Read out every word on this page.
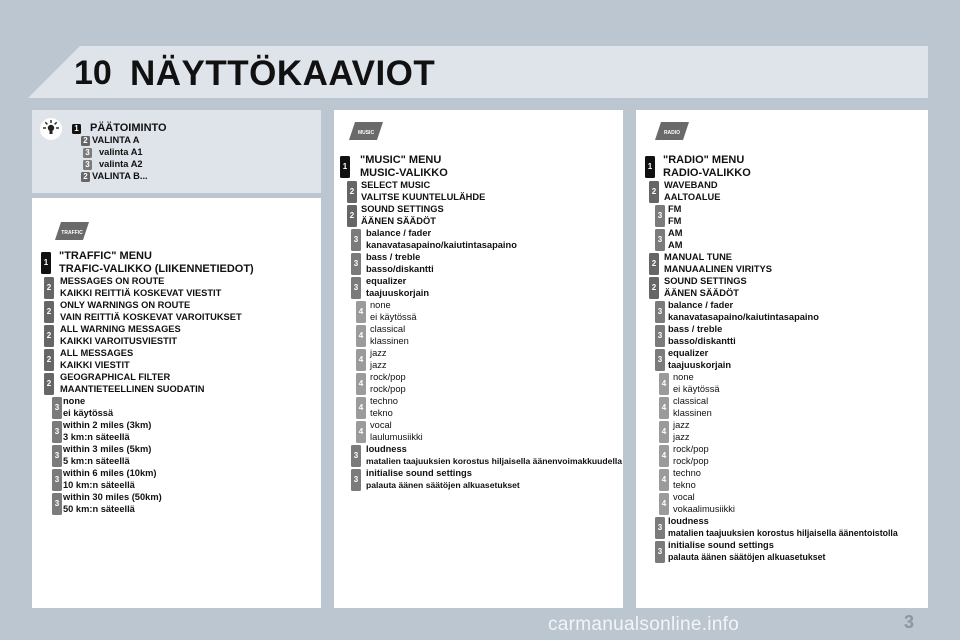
10 NÄYTTÖKAAVIOT
1 PÄÄTOIMINTO
2 VALINTA A
3 valinta A1
3 valinta A2
2 VALINTA B...
TRAFFIC
1 "TRAFFIC" MENU
TRAFIC-VALIKKO (LIIKENNETIEDOT)
2
MESSAGES ON ROUTE
KAIKKI REITTIÄ KOSKEVAT VIESTIT
2
ONLY WARNINGS ON ROUTE
VAIN REITTIÄ KOSKEVAT VAROITUKSET
2
ALL WARNING MESSAGES
KAIKKI VAROITUSVIESTIT
2
ALL MESSAGES
KAIKKI VIESTIT
2
GEOGRAPHICAL FILTER
MAANTIETEELLINEN SUODATIN
3
none
ei käytössä
3
within 2 miles (3km)
3 km:n säteellä
3
within 3 miles (5km)
5 km:n säteellä
3
within 6 miles (10km)
10 km:n säteellä
3
within 30 miles (50km)
50 km:n säteellä
MUSIC
1 "MUSIC" MENU
MUSIC-VALIKKO
2
SELECT MUSIC
VALITSE KUUNTELULÄHDE
2
SOUND SETTINGS
ÄÄNEN SÄÄDÖT
3
balance / fader
kanavatasapaino/kaiutintasapaino
3
bass / treble
basso/diskantti
3
equalizer
taajuuskorjain
4
none
ei käytössä
4
classical
klassinen
4
jazz
jazz
4
rock/pop
rock/pop
4
techno
tekno
4
vocal
laulumusiikki
3
loudness
matalien taajuuksien korostus hiljaisella äänenvoimakkuudella
3
initialise sound settings
palauta äänen säätöjen alkuasetukset
RADIO
1 "RADIO" MENU
RADIO-VALIKKO
2
WAVEBAND
AALTOALUE
3
FM
FM
3
AM
AM
2
MANUAL TUNE
MANUAALINEN VIRITYS
2
SOUND SETTINGS
ÄÄNEN SÄÄDÖT
3
balance / fader
kanavatasapaino/kaiutintasapaino
3
bass / treble
basso/diskantti
3
equalizer
taajuuskorjain
4
none
ei käytössä
4
classical
klassinen
4
jazz
jazz
4
rock/pop
rock/pop
4
techno
tekno
4
vocal
vokaalimusiikki
3
loudness
matalien taajuuksien korostus hiljaisella äänentoistolla
3
initialise sound settings
palauta äänen säätöjen alkuasetukset
carmanualsonline.info	3
